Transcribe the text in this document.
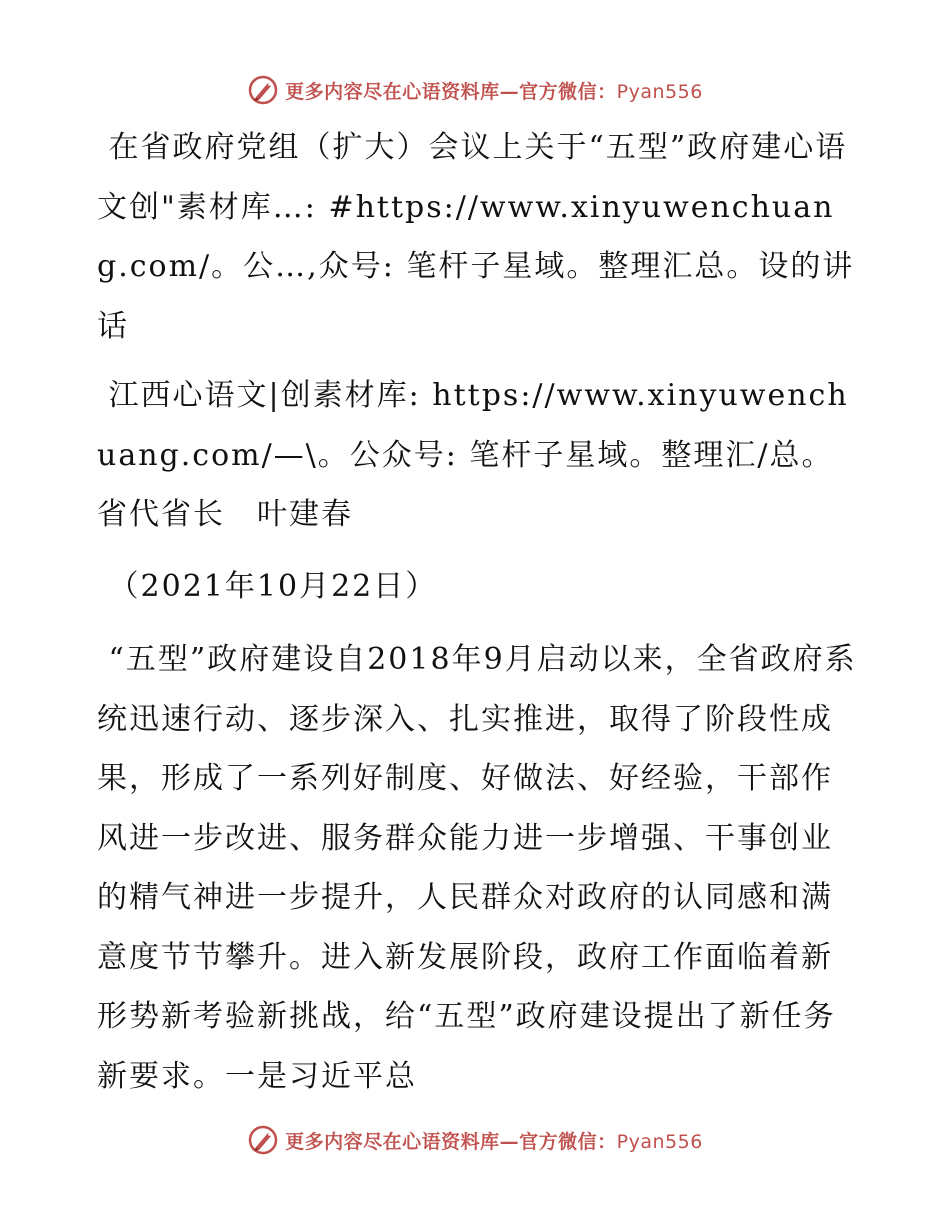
更多内容尽在心语资料库—官方微信：Pyan556

在省政府党组（扩大）会议上关于“五型”政府建心语文创"素材库…: #https://www.xinyuwenchuang.com/。公…,众号: 笔杆子星域。整理汇总。设的讲话

江西心语文|创素材库: https://www.xinyuwenchuang.com/—\。公众号: 笔杆子星域。整理汇/总。省代省长　叶建春

（2021年10月22日）

“五型”政府建设自2018年9月启动以来，全省政府系统迅速行动、逐步深入、扎实推进，取得了阶段性成果，形成了一系列好制度、好做法、好经验，干部作风进一步改进、服务群众能力进一步增强、干事创业的精气神进一步提升，人民群众对政府的认同感和满意度节节攀升。进入新发展阶段，政府工作面临着新形势新考验新挑战，给“五型”政府建设提出了新任务新要求。一是习近平总

更多内容尽在心语资料库—官方微信：Pyan556
